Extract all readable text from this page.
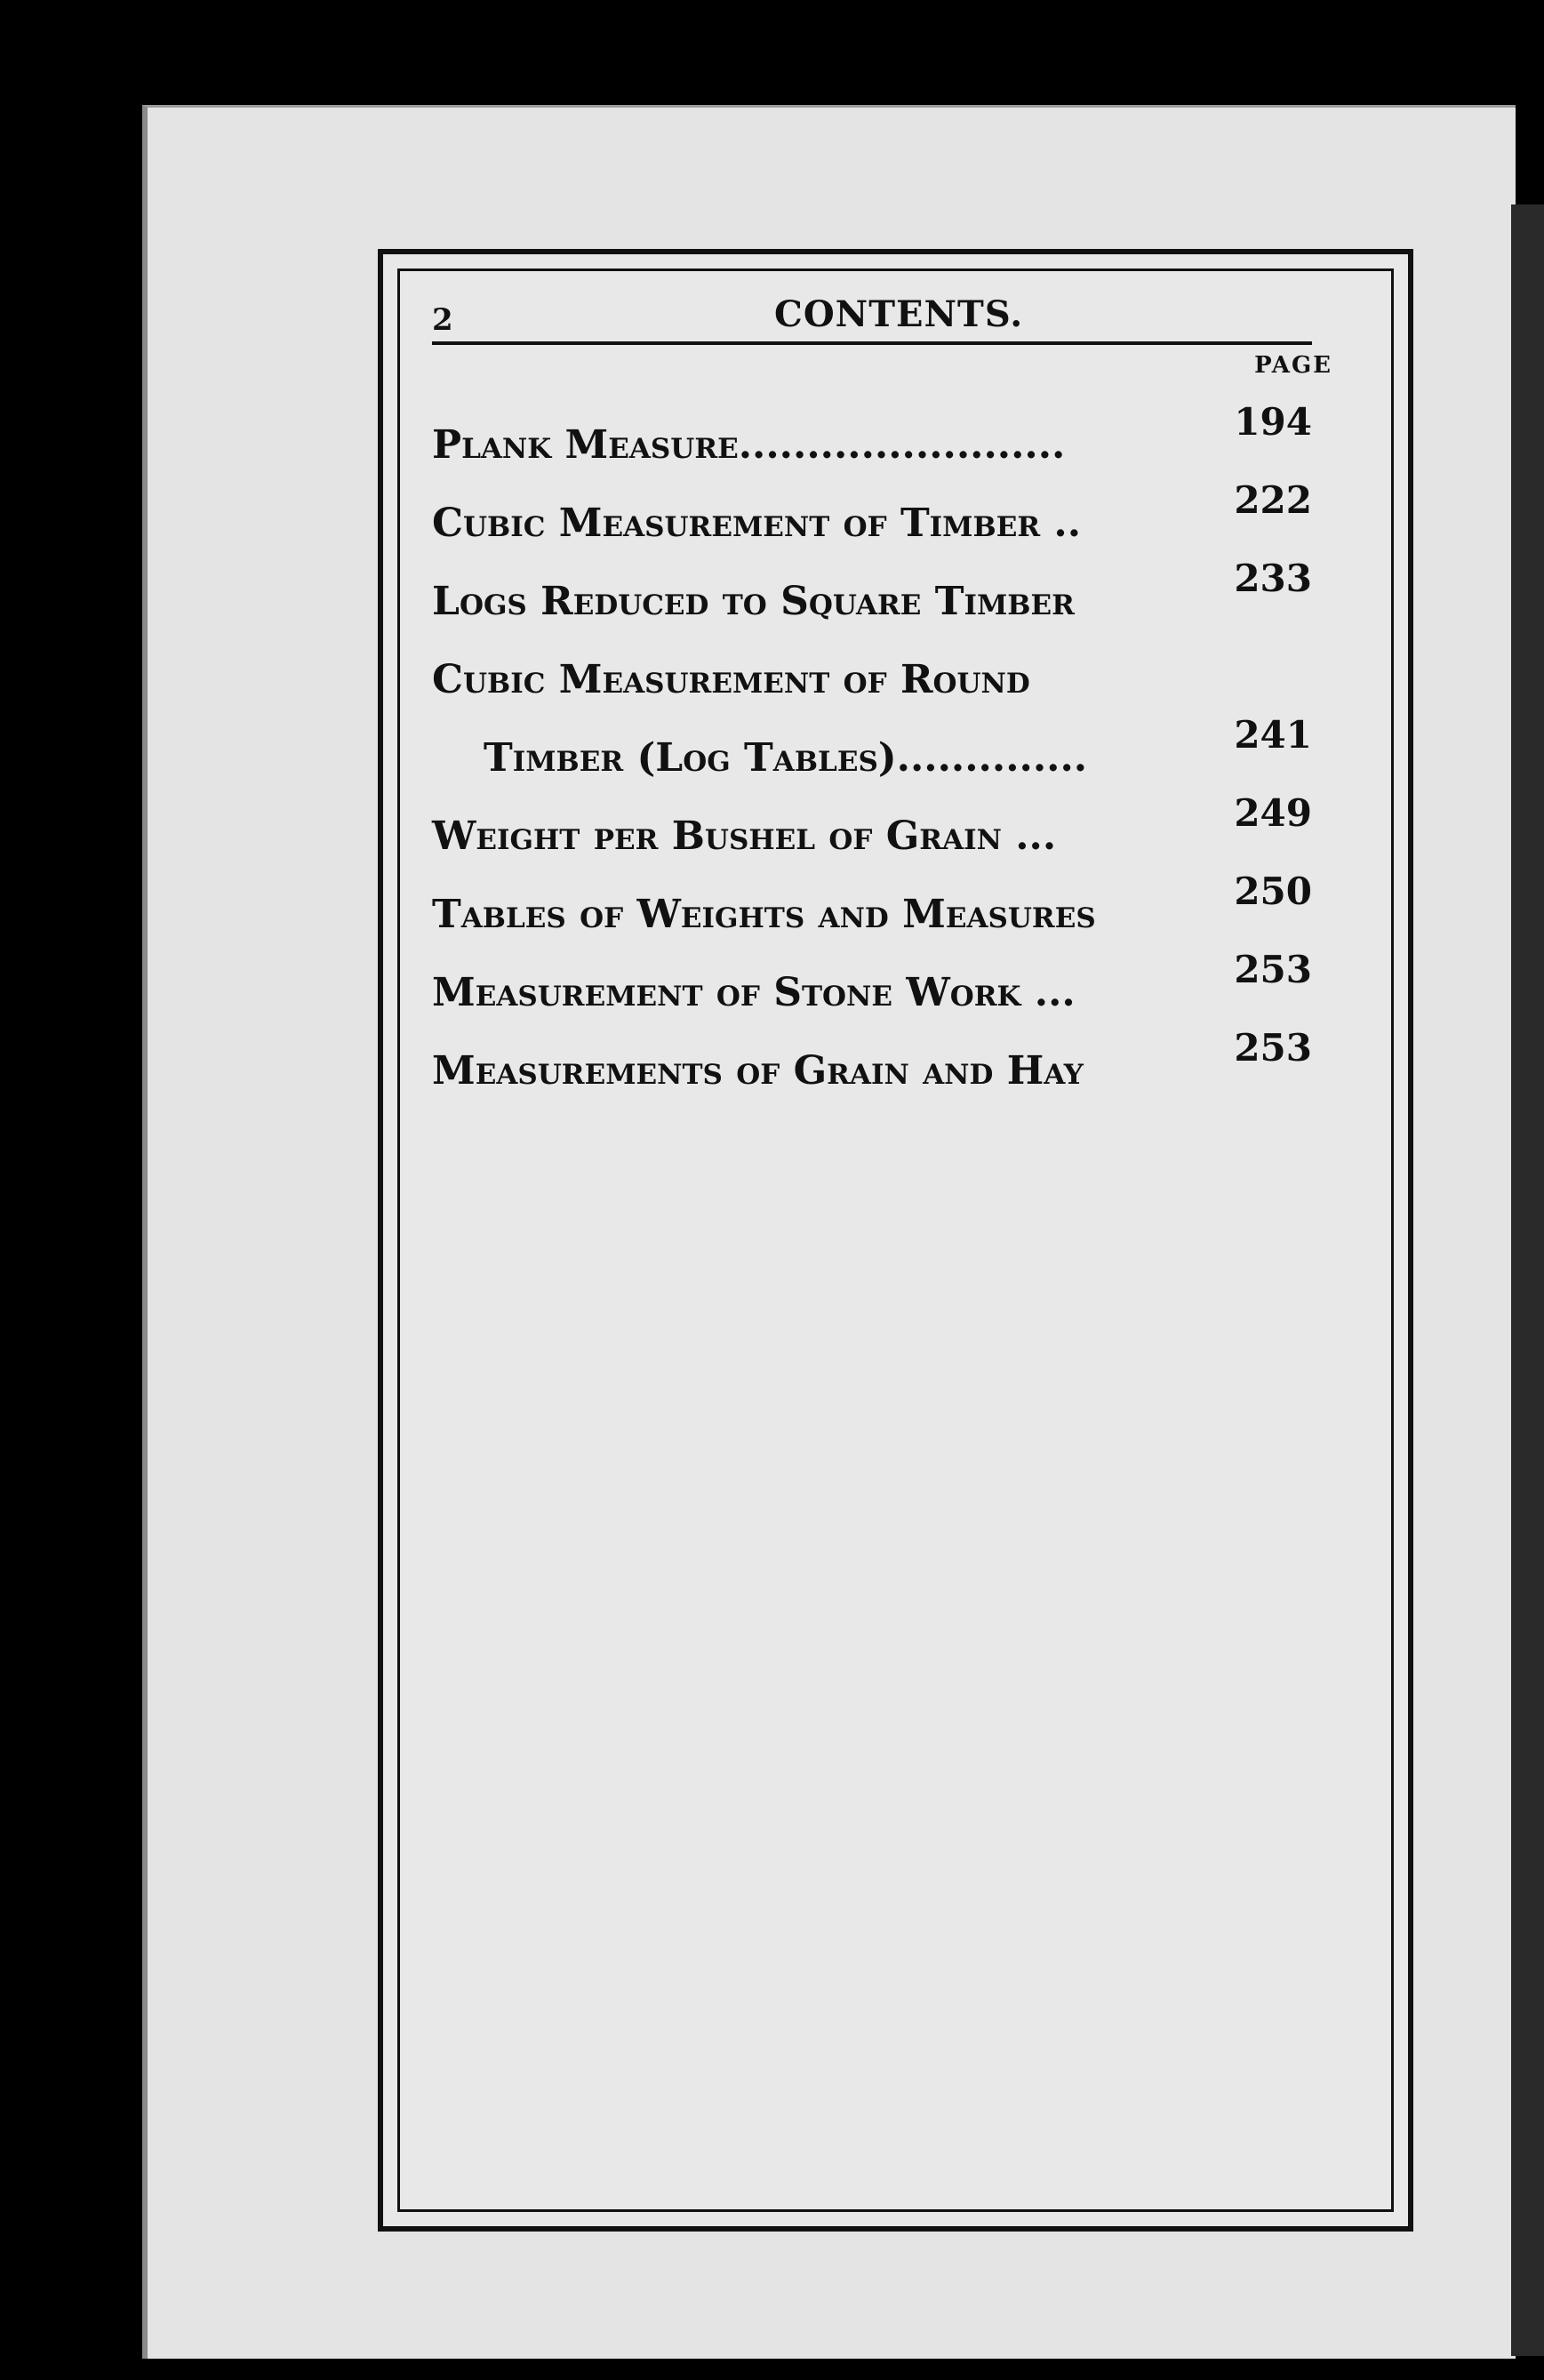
2	CONTENTS.
PAGE
Plank Measure........................
194
Cubic Measurement of Timber ..
222
Logs Reduced to Square Timber
233
Cubic Measurement of Round
Timber (Log Tables)..............
241
Weight per Bushel of Grain ...
249
Tables of Weights and Measures
250
Measurement of Stone Work ...
253
Measurements of Grain and Hay
253
